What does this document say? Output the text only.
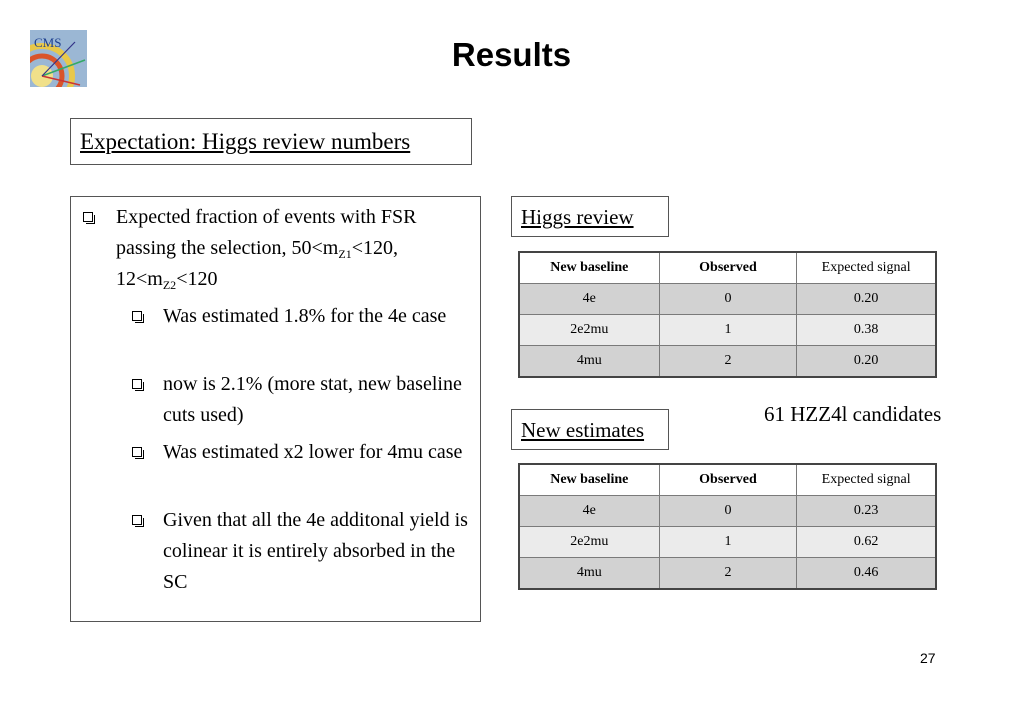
CMS	Results
Expectation: Higgs review numbers
Expected fraction of events with FSR passing the selection, $50<m_{Z1}<120$, $12<m_{Z2}<120$
Was estimated 1.8% for the 4e case
now is 2.1% (more stat, new baseline cuts used)
Was estimated x2 lower for 4mu case
Given that all the 4e additonal yield is colinear it is entirely absorbed in the SC
Higgs review
New baseline	Observed	Expected signal
4e	0	0.20
2e2mu	1	0.38
4mu	2	0.20
61 HZZ4l candidates
New estimates
New baseline	Observed	Expected signal
4e	0	0.23
2e2mu	1	0.62
4mu	2	0.46
27
